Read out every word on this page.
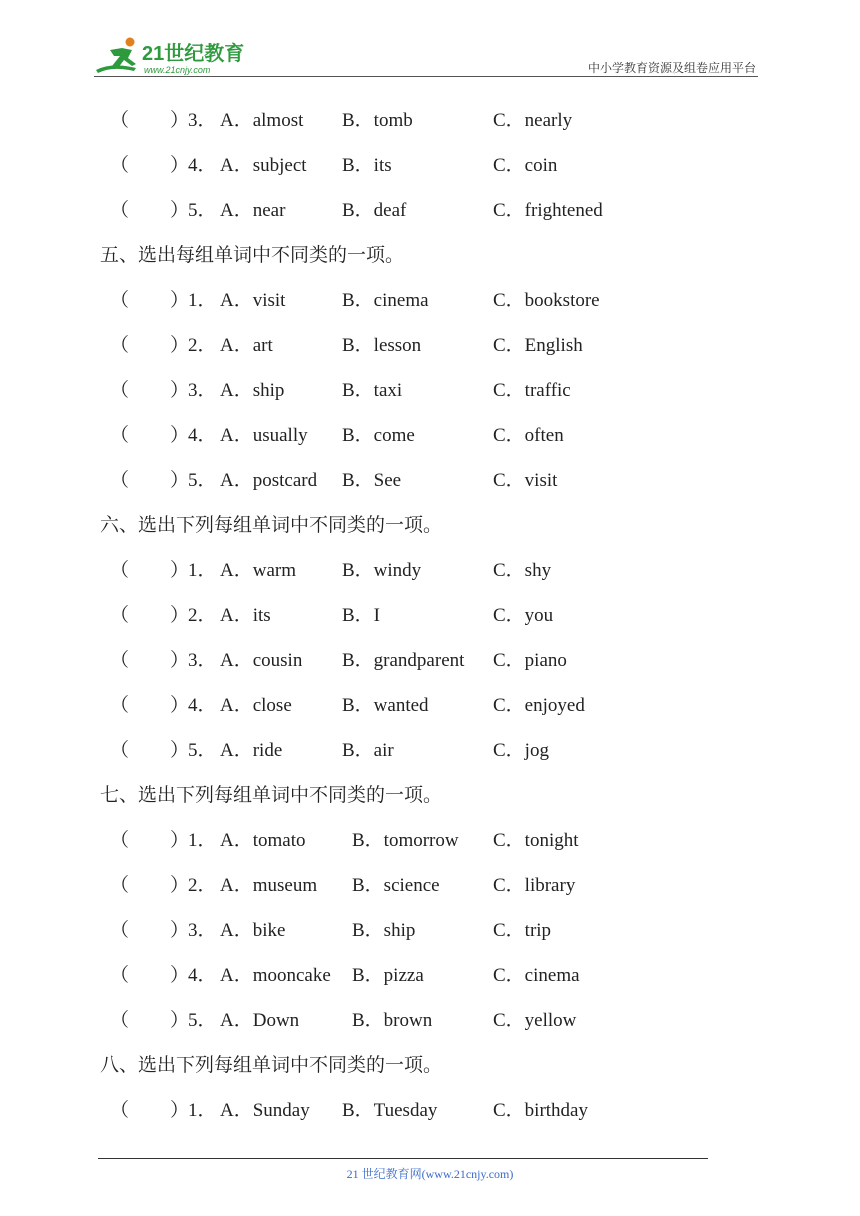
21世纪教育
www.21cnjy.com	中小学教育资源及组卷应用平台
（ ）
3． A．almost B．tomb	C．nearly
（ ）
4． A．subject B．its	C．coin
（ ）
5． A．near	B．deaf	C．frightened
五、选出每组单词中不同类的一项。
（ ）
1． A．visit	B．cinema	C．bookstore
（ ）
2． A．art	B．lesson	C．English
（ ）
3． A．ship	B．taxi	C．traffic
（ ）
4． A．usually B．come	C．often
（ ）
5． A．postcard B．See	C．visit
六、选出下列每组单词中不同类的一项。
（ ）
1． A．warm B．windy	C．shy
（ ）
2． A．its	B．I	C．you
（ ）
3． A．cousin B．grandparent C．piano
（ ）
4． A．close	B．wanted	C．enjoyed
（ ）
5． A．ride	B．air	C．jog
七、选出下列每组单词中不同类的一项。
（ ）
1． A．tomato B．tomorrow C．tonight
（ ）
2． A．museum B．science	C．library
（ ）
3． A．bike	B．ship	C．trip
（ ）
4． A．mooncake B．pizza	C．cinema
（ ）
5． A．Down	B．brown	C．yellow
八、选出下列每组单词中不同类的一项。
（ ）
1． A．Sunday B．Tuesday	C．birthday
21 世纪教育网(www.21cnjy.com)
